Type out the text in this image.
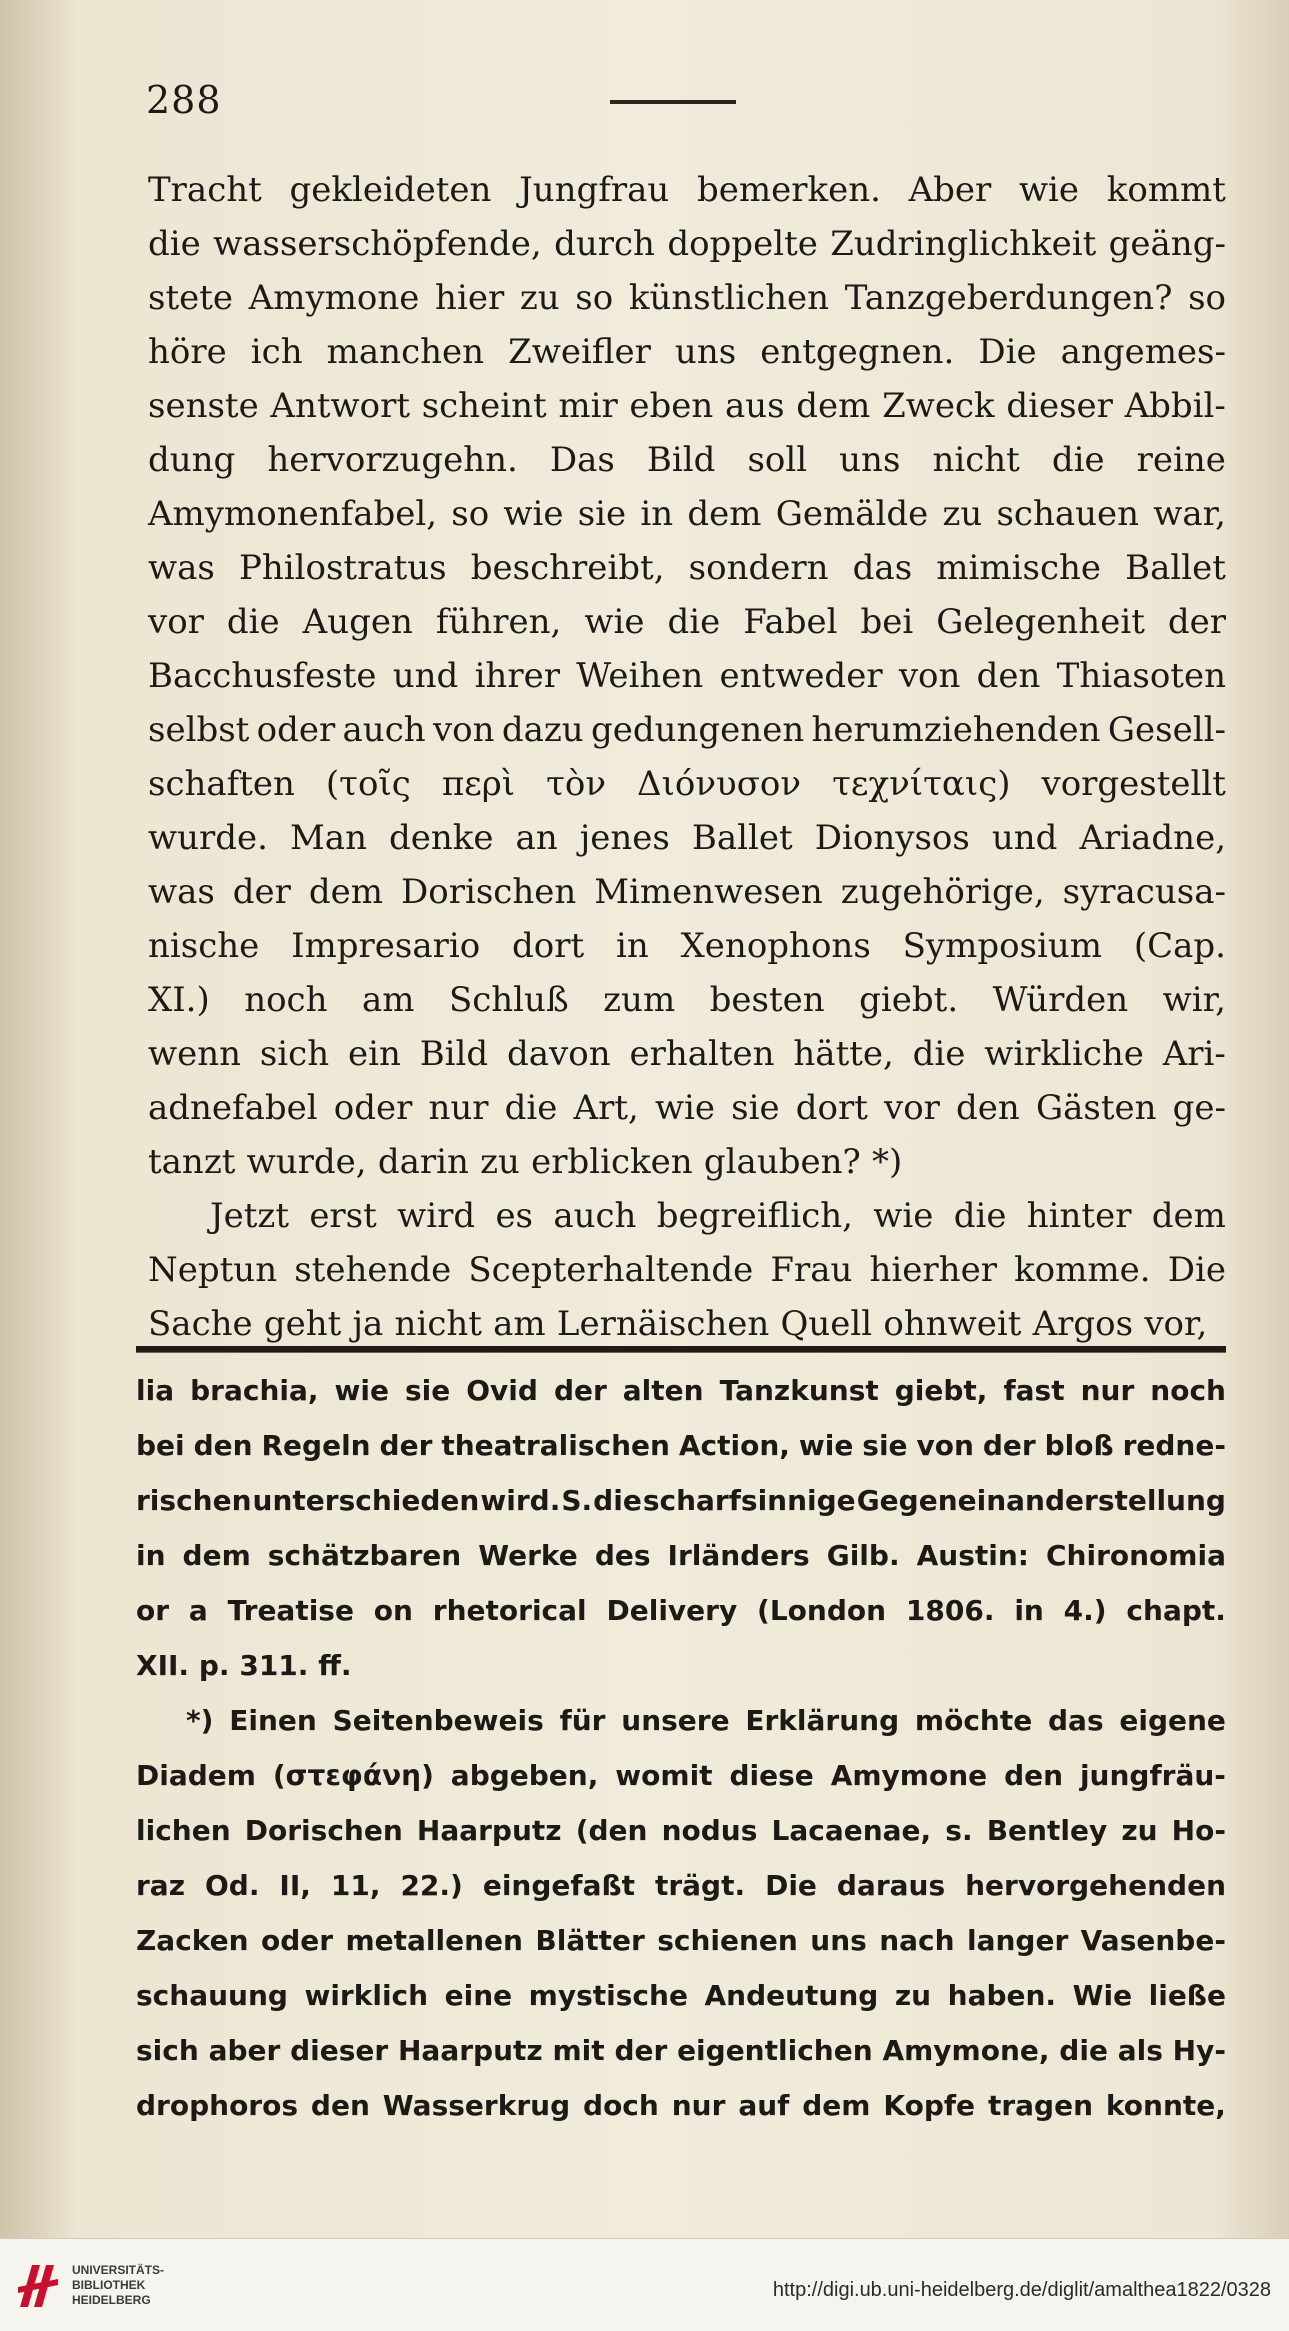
288
Tracht gekleideten Jungfrau bemerken. Aber wie kommt
die wasserschöpfende, durch doppelte Zudringlichkeit geäng-
stete Amymone hier zu so künstlichen Tanzgeberdungen? so
höre ich manchen Zweifler uns entgegnen. Die angemes-
senste Antwort scheint mir eben aus dem Zweck dieser Abbil-
dung hervorzugehn. Das Bild soll uns nicht die reine
Amymonenfabel, so wie sie in dem Gemälde zu schauen war,
was Philostratus beschreibt, sondern das mimische Ballet
vor die Augen führen, wie die Fabel bei Gelegenheit der
Bacchusfeste und ihrer Weihen entweder von den Thiasoten
selbst oder auch von dazu gedungenen herumziehenden Gesell-
schaften (τοῖς περὶ τὸν Διόνυσον τεχνίταις) vorgestellt
wurde. Man denke an jenes Ballet Dionysos und Ariadne,
was der dem Dorischen Mimenwesen zugehörige, syracusa-
nische Impresario dort in Xenophons Symposium (Cap.
XI.) noch am Schluß zum besten giebt. Würden wir,
wenn sich ein Bild davon erhalten hätte, die wirkliche Ari-
adnefabel oder nur die Art, wie sie dort vor den Gästen ge-
tanzt wurde, darin zu erblicken glauben? *)
Jetzt erst wird es auch begreiflich, wie die hinter dem
Neptun stehende Scepterhaltende Frau hierher komme. Die
Sache geht ja nicht am Lernäischen Quell ohnweit Argos vor,
lia brachia, wie sie Ovid der alten Tanzkunst giebt, fast nur noch
bei den Regeln der theatralischen Action, wie sie von der bloß redne-
rischen unterschieden wird. S. die scharfsinnige Gegeneinanderstellung
in dem schätzbaren Werke des Irländers Gilb. Austin: Chironomia
or a Treatise on rhetorical Delivery (London 1806. in 4.) chapt.
XII. p. 311. ff.
*) Einen Seitenbeweis für unsere Erklärung möchte das eigene
Diadem (στεφάνη) abgeben, womit diese Amymone den jungfräu-
lichen Dorischen Haarputz (den nodus Lacaenae, s. Bentley zu Ho-
raz Od. II, 11, 22.) eingefaßt trägt. Die daraus hervorgehenden
Zacken oder metallenen Blätter schienen uns nach langer Vasenbe-
schauung wirklich eine mystische Andeutung zu haben. Wie ließe
sich aber dieser Haarputz mit der eigentlichen Amymone, die als Hy-
drophoros den Wasserkrug doch nur auf dem Kopfe tragen konnte,
UNIVERSITÄTS-
BIBLIOTHEK
HEIDELBERG	http://digi.ub.uni-heidelberg.de/diglit/amalthea1822/0328
